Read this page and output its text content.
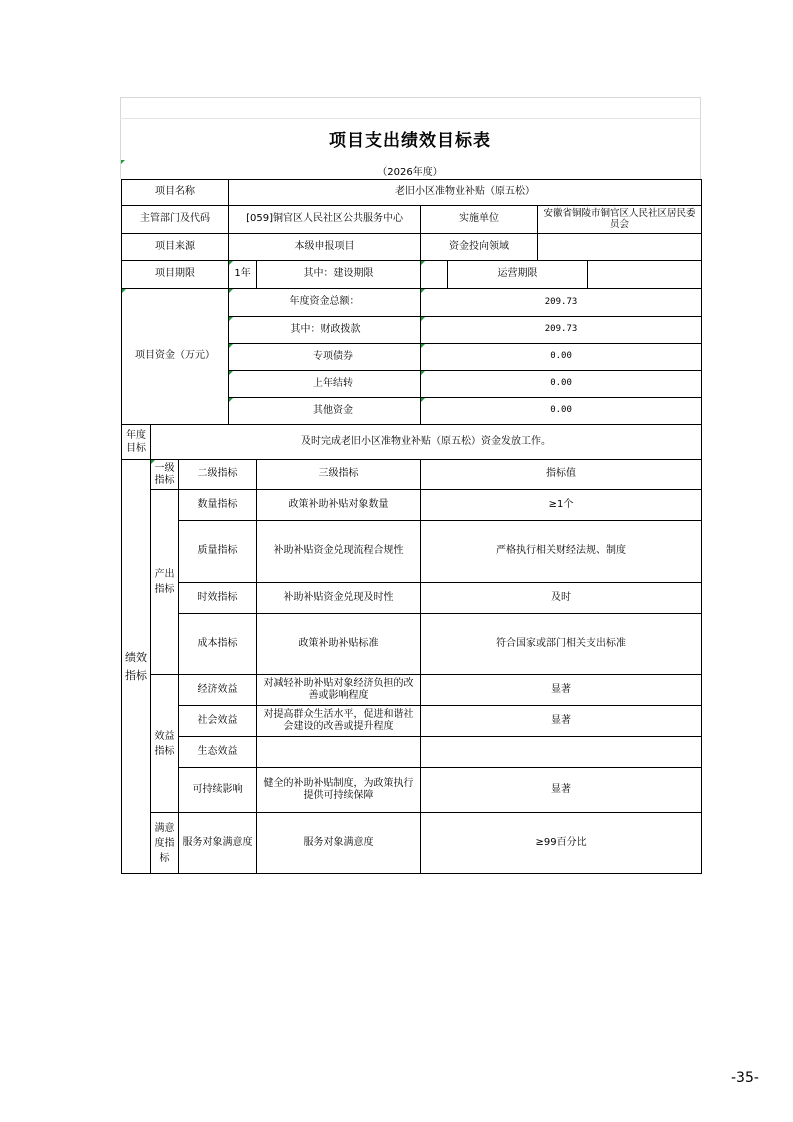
项目支出绩效目标表
（2026年度）
项目名称			老旧小区准物业补贴（原五松）					
主管部门及代码			[059]铜官区人民社区公共服务中心		实施单位		安徽省铜陵市铜官区人民社区居民委员会	
项目来源			本级申报项目		资金投向领域			
项目期限			1年	其中：建设期限		运营期限		
项目资金（万元）			年度资金总额：		209.73			
			其中：财政拨款		209.73			
			专项债券		0.00			
			上年结转		0.00			
			其他资金		0.00			
年度目标	及时完成老旧小区准物业补贴（原五松）资金发放工作。							
绩效指标	一级指标	二级指标		三级指标	指标值			
	产出指标	数量指标		政策补助补贴对象数量	≥1个			
		质量指标		补助补贴资金兑现流程合规性	严格执行相关财经法规、制度			
		时效指标		补助补贴资金兑现及时性	及时			
		成本指标		政策补助补贴标准	符合国家或部门相关支出标准			
	效益指标	经济效益		对减轻补助补贴对象经济负担的改善或影响程度	显著			
		社会效益		对提高群众生活水平，促进和谐社会建设的改善或提升程度	显著			
		生态效益						
		可持续影响		健全的补助补贴制度，为政策执行提供可持续保障	显著			
	满意度指标	服务对象满意度		服务对象满意度	≥99百分比			
-35-
